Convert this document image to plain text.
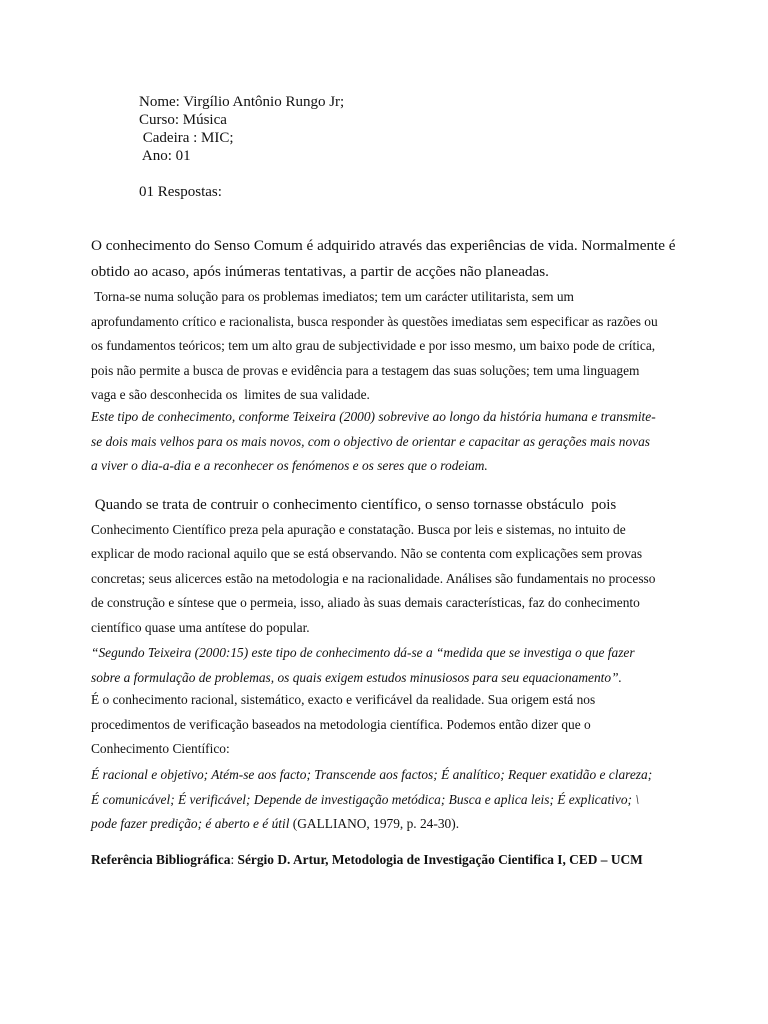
Nome: Virgílio Antônio Rungo Jr;
Curso: Música
Cadeira : MIC;
Ano: 01
01 Respostas:
O conhecimento do Senso Comum é adquirido através das experiências de vida. Normalmente é
obtido ao acaso, após inúmeras tentativas, a partir de acções não planeadas.
Torna-se numa solução para os problemas imediatos; tem um carácter utilitarista, sem um
aprofundamento crítico e racionalista, busca responder às questões imediatas sem especificar as razões ou
os fundamentos teóricos; tem um alto grau de subjectividade e por isso mesmo, um baixo pode de crítica,
pois não permite a busca de provas e evidência para a testagem das suas soluções; tem uma linguagem
vaga e são desconhecida os  limites de sua validade.
Este tipo de conhecimento, conforme Teixeira (2000) sobrevive ao longo da história humana e transmite-
se dois mais velhos para os mais novos, com o objectivo de orientar e capacitar as gerações mais novas
a viver o dia-a-dia e a reconhecer os fenómenos e os seres que o rodeiam.
Quando se trata de contruir o conhecimento científico, o senso tornasse obstáculo  pois
Conhecimento Científico preza pela apuração e constatação. Busca por leis e sistemas, no intuito de
explicar de modo racional aquilo que se está observando. Não se contenta com explicações sem provas
concretas; seus alicerces estão na metodologia e na racionalidade. Análises são fundamentais no processo
de construção e síntese que o permeia, isso, aliado às suas demais características, faz do conhecimento
científico quase uma antítese do popular.
“Segundo Teixeira (2000:15) este tipo de conhecimento dá-se a “medida que se investiga o que fazer
sobre a formulação de problemas, os quais exigem estudos minusiosos para seu equacionamento”.
É o conhecimento racional, sistemático, exacto e verificável da realidade. Sua origem está nos
procedimentos de verificação baseados na metodologia científica. Podemos então dizer que o
Conhecimento Científico:
É racional e objetivo; Atém-se aos facto; Transcende aos factos; É analítico; Requer exatidão e clareza;
É comunicável; É verificável; Depende de investigação metódica; Busca e aplica leis; É explicativo; \
pode fazer predição; é aberto e é útil (GALLIANO, 1979, p. 24-30).
Referência Bibliográfica: Sérgio D. Artur, Metodologia de Investigação Cientifica I, CED – UCM
